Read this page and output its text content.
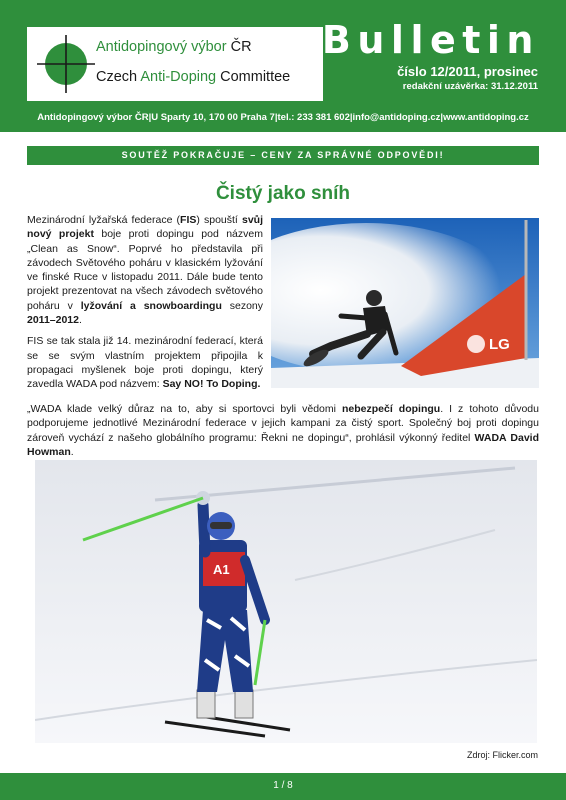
Antidopingový výbor ČR
Czech Anti-Doping Committee
Bulletin
číslo 12/2011, prosinec
redakční uzávěrka: 31.12.2011
Antidopingový výbor ČR|U Sparty 10, 170 00 Praha 7|tel.: 233 381 602|info@antidoping.cz|www.antidoping.cz
SOUTĚŽ POKRAČUJE – CENY ZA SPRÁVNÉ ODPOVĚDI!
Čistý jako sníh

Mezinárodní lyžařská federace (FIS) spouští svůj nový projekt boje proti dopingu pod názvem „Clean as Snow“. Poprvé ho představila při závodech Světového poháru v klasickém lyžování ve finské Ruce v listopadu 2011. Dále bude tento projekt prezentovat na všech závodech světového poháru v lyžování a snowboardingu sezony 2011–2012.

FIS se tak stala již 14. mezinárodní federací, která se se svým vlastním projektem připojila k propagaci myšlenek boje proti dopingu, který zavedla WADA pod názvem: Say NO! To Doping.

LG

„WADA klade velký důraz na to, aby si sportovci byli vědomi nebezpečí dopingu. I z tohoto důvodu podporujeme jednotlivé Mezinárodní federace v jejich kampani za čistý sport. Společný boj proti dopingu zároveň vychází z našeho globálního programu: Řekni ne dopingu“, prohlásil výkonný ředitel WADA David Howman.

A1
Zdroj: Flicker.com
1 / 8
